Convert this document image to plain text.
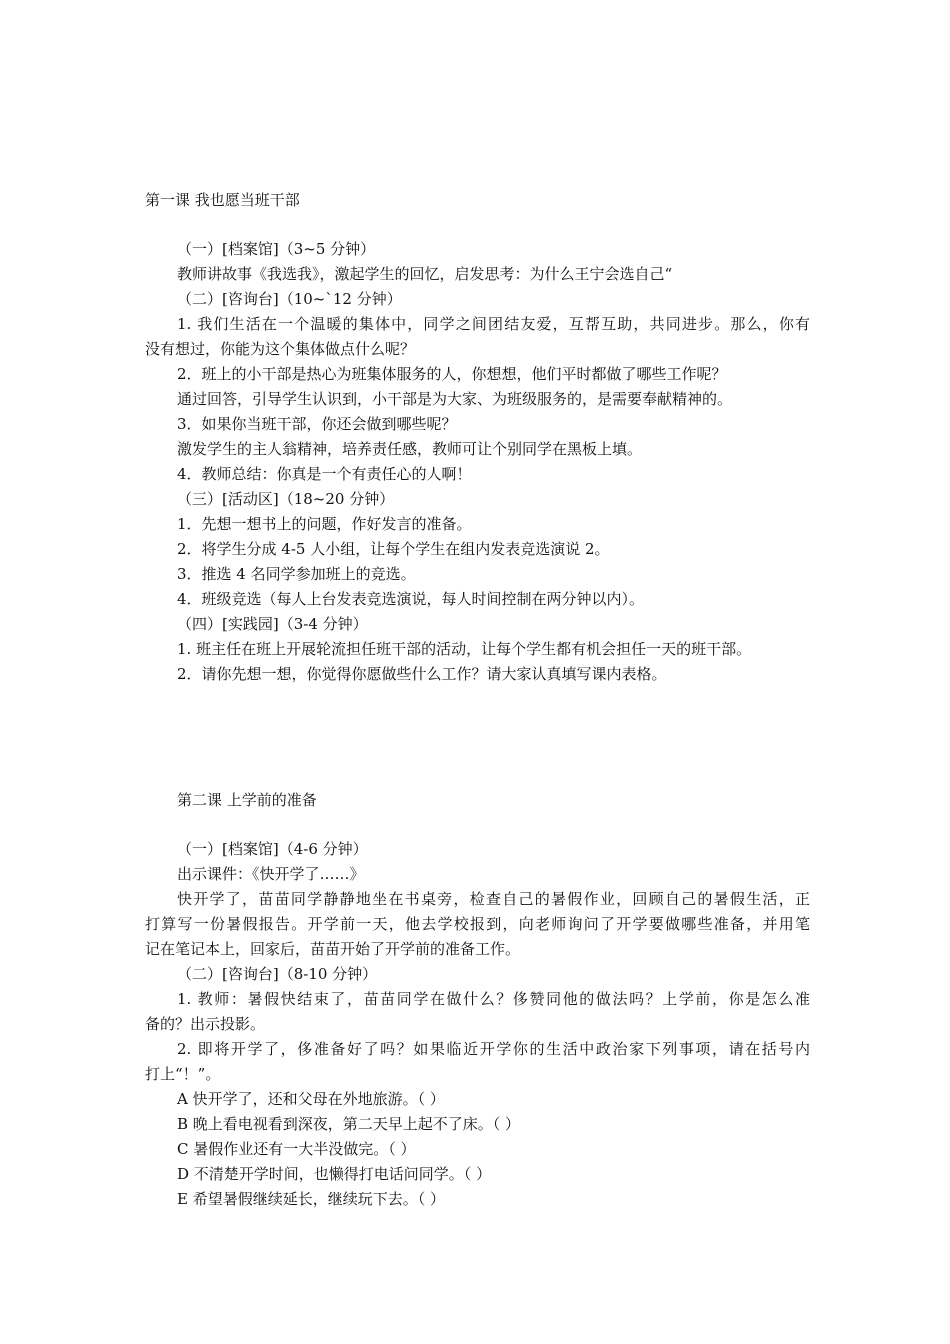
第一课 我也愿当班干部
（一）[档案馆]（3~5 分钟）
教师讲故事《我选我》，激起学生的回忆，启发思考：为什么王宁会选自己“
（二）[咨询台]（10~`12 分钟）
1. 我们生活在一个温暖的集体中，同学之间团结友爱，互帮互助，共同进步。那么，你有
没有想过，你能为这个集体做点什么呢？
2．班上的小干部是热心为班集体服务的人，你想想，他们平时都做了哪些工作呢？
通过回答，引导学生认识到，小干部是为大家、为班级服务的，是需要奉献精神的。
3．如果你当班干部，你还会做到哪些呢？
激发学生的主人翁精神，培养责任感，教师可让个别同学在黑板上填。
4．教师总结：你真是一个有责任心的人啊！
（三）[活动区]（18~20 分钟）
1．先想一想书上的问题，作好发言的准备。
2．将学生分成 4-5 人小组，让每个学生在组内发表竞选演说 2。
3．推选 4 名同学参加班上的竞选。
4．班级竞选（每人上台发表竞选演说，每人时间控制在两分钟以内）。
（四）[实践园]（3-4 分钟）
1. 班主任在班上开展轮流担任班干部的活动，让每个学生都有机会担任一天的班干部。
2．请你先想一想，你觉得你愿做些什么工作？请大家认真填写课内表格。
第二课 上学前的准备
（一）[档案馆]（4-6 分钟）
出示课件：《快开学了……》
快开学了，苗苗同学静静地坐在书桌旁，检查自己的暑假作业，回顾自己的暑假生活，正
打算写一份暑假报告。开学前一天，他去学校报到，向老师询问了开学要做哪些准备，并用笔
记在笔记本上，回家后，苗苗开始了开学前的准备工作。
（二）[咨询台]（8-10 分钟）
1. 教师：暑假快结束了，苗苗同学在做什么？侈赞同他的做法吗？上学前，你是怎么准
备的？出示投影。
2. 即将开学了，侈准备好了吗？如果临近开学你的生活中政治家下列事项，请在括号内
打上“！”。
A 快开学了，还和父母在外地旅游。（ ）
B 晚上看电视看到深夜，第二天早上起不了床。（ ）
C 暑假作业还有一大半没做完。（ ）
D 不清楚开学时间，也懒得打电话问同学。（ ）
E 希望暑假继续延长，继续玩下去。（ ）
